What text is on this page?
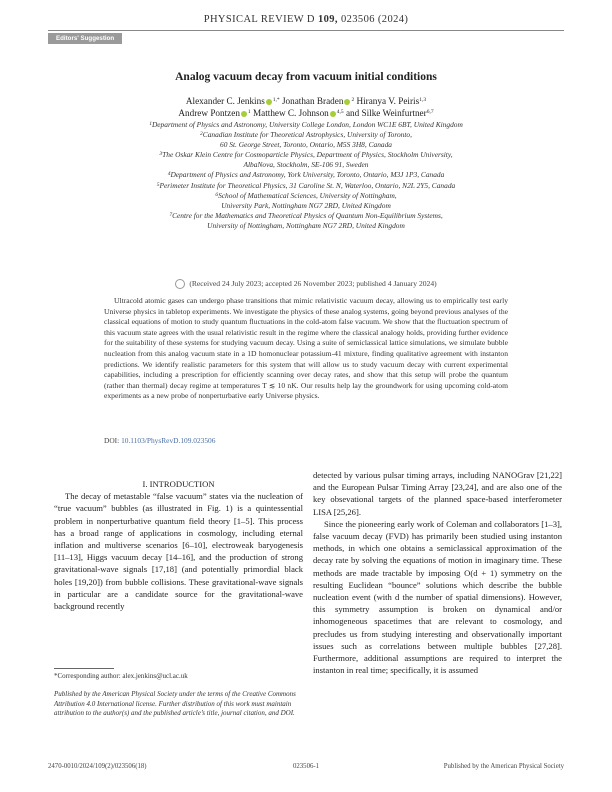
PHYSICAL REVIEW D 109, 023506 (2024)
Editors' Suggestion
Analog vacuum decay from vacuum initial conditions
Alexander C. Jenkins $^{1,*}$ Jonathan Braden $^2$ Hiranya V. Peiris$^{1,3}$
Andrew Pontzen $^1$ Matthew C. Johnson $^{4,5}$ and Silke Weinfurtner$^{6,7}$
$^1$Department of Physics and Astronomy, University College London, London WC1E 6BT, United Kingdom
$^2$Canadian Institute for Theoretical Astrophysics, University of Toronto,
60 St. George Street, Toronto, Ontario, M5S 3H8, Canada
$^3$The Oskar Klein Centre for Cosmoparticle Physics, Department of Physics, Stockholm University,
AlbaNova, Stockholm, SE-106 91, Sweden
$^4$Department of Physics and Astronomy, York University, Toronto, Ontario, M3J 1P3, Canada
$^5$Perimeter Institute for Theoretical Physics, 31 Caroline St. N, Waterloo, Ontario, N2L 2Y5, Canada
$^6$School of Mathematical Sciences, University of Nottingham,
University Park, Nottingham NG7 2RD, United Kingdom
$^7$Centre for the Mathematics and Theoretical Physics of Quantum Non-Equilibrium Systems,
University of Nottingham, Nottingham NG7 2RD, United Kingdom
(Received 24 July 2023; accepted 26 November 2023; published 4 January 2024)
Ultracold atomic gases can undergo phase transitions that mimic relativistic vacuum decay, allowing us to empirically test early Universe physics in tabletop experiments. We investigate the physics of these analog systems, going beyond previous analyses of the classical equations of motion to study quantum fluctuations in the cold-atom false vacuum. We show that the fluctuation spectrum of this vacuum state agrees with the usual relativistic result in the regime where the classical analogy holds, providing further evidence for the suitability of these systems for studying vacuum decay. Using a suite of semiclassical lattice simulations, we simulate bubble nucleation from this analog vacuum state in a 1D homonuclear potassium-41 mixture, finding qualitative agreement with instanton predictions. We identify realistic parameters for this system that will allow us to study vacuum decay with current experimental capabilities, including a prescription for efficiently scanning over decay rates, and show that this setup will probe the quantum (rather than thermal) decay regime at temperatures T ≲ 10 nK. Our results help lay the groundwork for using upcoming cold-atom experiments as a new probe of nonperturbative early Universe physics.
DOI: 10.1103/PhysRevD.109.023506

I. INTRODUCTION

The decay of metastable “false vacuum” states via the nucleation of “true vacuum” bubbles (as illustrated in Fig. 1) is a quintessential problem in nonperturbative quantum field theory [1–5]. This process has a broad range of applications in cosmology, including eternal inflation and multiverse scenarios [6–10], electroweak baryogenesis [11–13], Higgs vacuum decay [14–16], and the production of strong gravitational-wave signals [17,18] (and potentially primordial black holes [19,20]) from bubble collisions. These gravitational-wave signals in particular are a candidate source for the gravitational-wave background recently

detected by various pulsar timing arrays, including NANOGrav [21,22] and the European Pulsar Timing Array [23,24], and are also one of the key obsevational targets of the planned space-based interferometer LISA [25,26].

Since the pioneering early work of Coleman and collaborators [1–3], false vacuum decay (FVD) has primarily been studied using instanton methods, in which one obtains a semiclassical approximation of the decay rate by solving the equations of motion in imaginary time. These methods are made tractable by imposing O(d + 1) symmetry on the resulting Euclidean “bounce” solutions which describe the bubble nucleation event (with d the number of spatial dimensions). However, this symmetry assumption is broken on dynamical and/or inhomogeneous spacetimes that are relevant to cosmology, and precludes us from studying interesting and observationally important issues such as correlations between multiple bubbles [27,28]. Furthermore, additional assumptions are required to interpret the instanton in real time; specifically, it is assumed

*Corresponding author: alex.jenkins@ucl.ac.uk
Published by the American Physical Society under the terms of the Creative Commons Attribution 4.0 International license. Further distribution of this work must maintain attribution to the author(s) and the published article’s title, journal citation, and DOI.
2470-0010/2024/109(2)/023506(18)	023506-1	Published by the American Physical Society
